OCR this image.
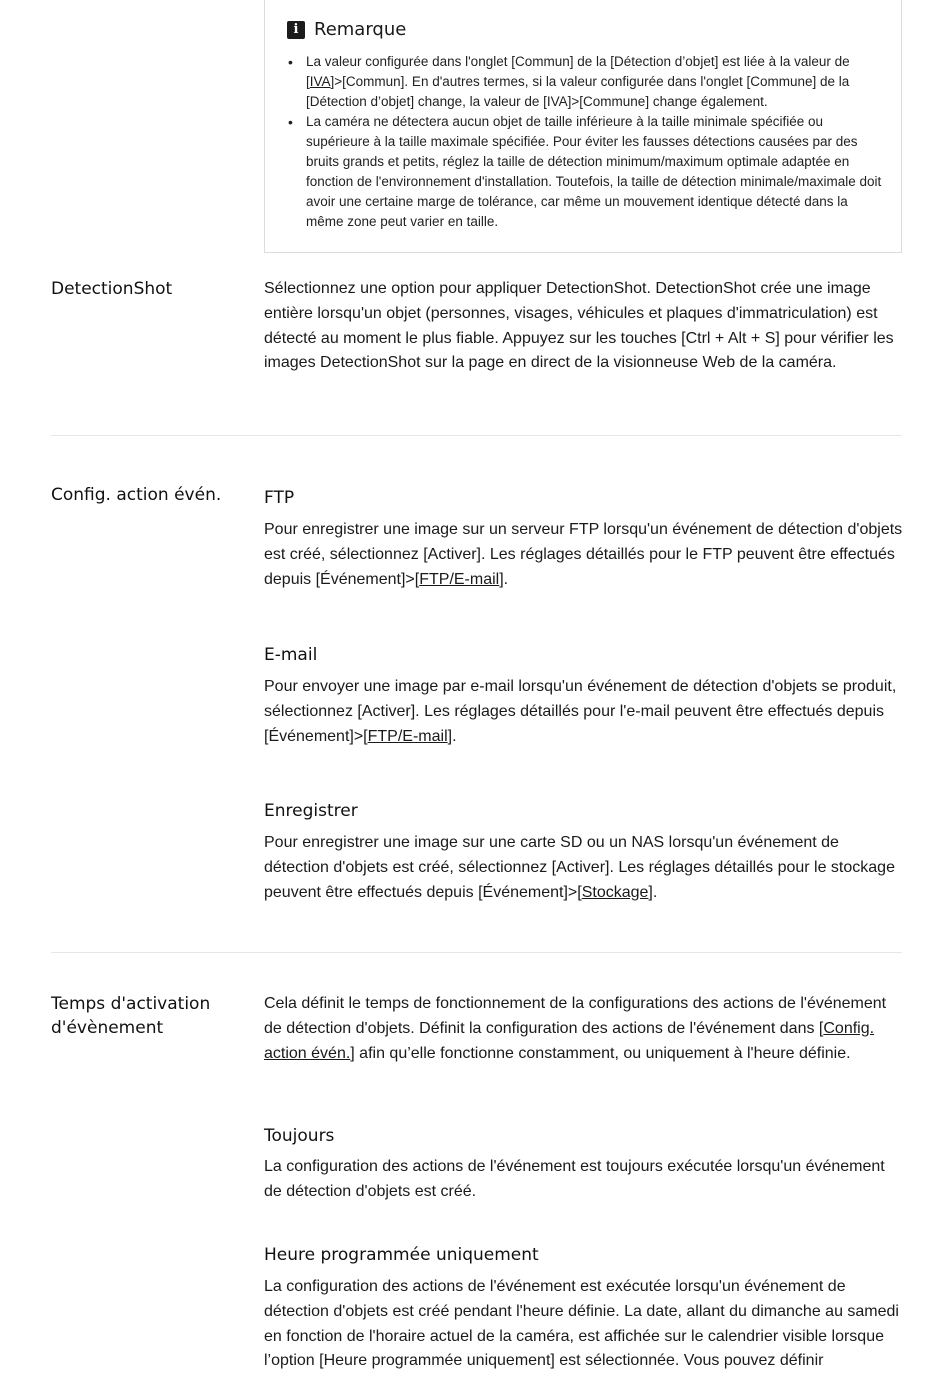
i Remarque
• La valeur configurée dans l'onglet [Commun] de la [Détection d’objet] est liée à la valeur de [IVA]>[Commun]. En d'autres termes, si la valeur configurée dans l'onglet [Commune] de la [Détection d’objet] change, la valeur de [IVA]>[Commune] change également.
• La caméra ne détectera aucun objet de taille inférieure à la taille minimale spécifiée ou supérieure à la taille maximale spécifiée. Pour éviter les fausses détections causées par des bruits grands et petits, réglez la taille de détection minimum/maximum optimale adaptée en fonction de l'environnement d'installation. Toutefois, la taille de détection minimale/maximale doit avoir une certaine marge de tolérance, car même un mouvement identique détecté dans la même zone peut varier en taille.
DetectionShot	Sélectionnez une option pour appliquer DetectionShot. DetectionShot crée une image entière lorsqu'un objet (personnes, visages, véhicules et plaques d'immatriculation) est détecté au moment le plus fiable. Appuyez sur les touches [Ctrl + Alt + S] pour vérifier les images DetectionShot sur la page en direct de la visionneuse Web de la caméra.

Config. action évén.	FTP

Pour enregistrer une image sur un serveur FTP lorsqu'un événement de détection d'objets est créé, sélectionnez [Activer]. Les réglages détaillés pour le FTP peuvent être effectués depuis [Événement]>[FTP/E-mail].

E-mail

Pour envoyer une image par e-mail lorsqu'un événement de détection d'objets se produit, sélectionnez [Activer]. Les réglages détaillés pour l'e-mail peuvent être effectués depuis [Événement]>[FTP/E-mail].

Enregistrer

Pour enregistrer une image sur une carte SD ou un NAS lorsqu'un événement de détection d'objets est créé, sélectionnez [Activer]. Les réglages détaillés pour le stockage peuvent être effectués depuis [Événement]>[Stockage].

Temps d'activation
d'évènement

Cela définit le temps de fonctionnement de la configurations des actions de l'événement de détection d'objets. Définit la configuration des actions de l'événement dans [Config. action évén.] afin qu’elle fonctionne constamment, ou uniquement à l'heure définie.

Toujours

La configuration des actions de l'événement est toujours exécutée lorsqu'un événement de détection d'objets est créé.

Heure programmée uniquement

La configuration des actions de l'événement est exécutée lorsqu'un événement de détection d'objets est créé pendant l'heure définie. La date, allant du dimanche au samedi en fonction de l'horaire actuel de la caméra, est affichée sur le calendrier visible lorsque l’option [Heure programmée uniquement] est sélectionnée. Vous pouvez définir
